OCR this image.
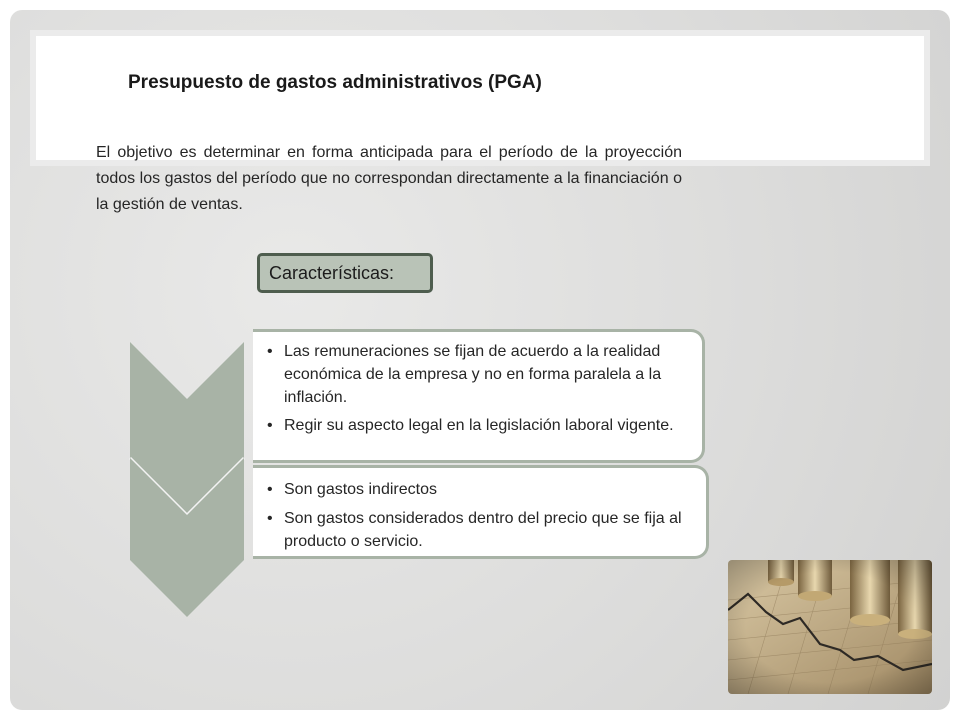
Presupuesto de gastos administrativos (PGA)

El objetivo es determinar en forma anticipada para el período de la proyección todos los gastos del período que no correspondan directamente a la financiación o la gestión de ventas.

Características:
• Las remuneraciones se fijan de acuerdo a la realidad económica de la empresa y no en forma paralela a la inflación.
• Regir su aspecto legal en la legislación laboral vigente.
• Son gastos indirectos
• Son gastos considerados dentro del precio que se fija al producto o servicio.
